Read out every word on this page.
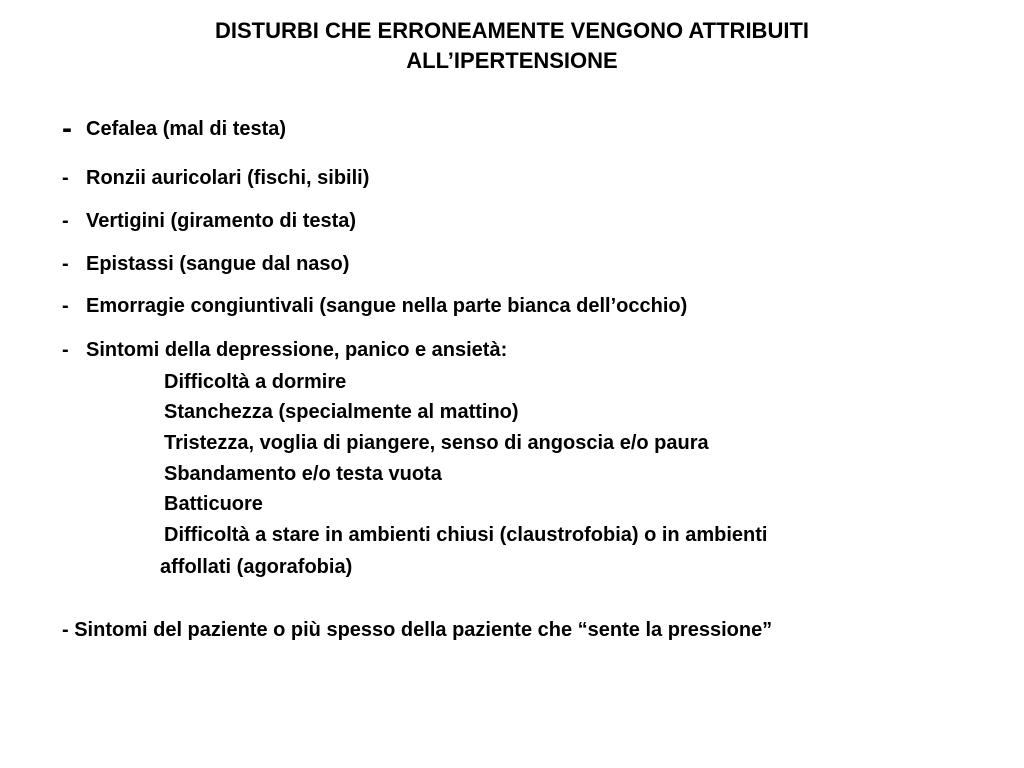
DISTURBI CHE ERRONEAMENTE VENGONO ATTRIBUITI
ALL’IPERTENSIONE
- Cefalea (mal di testa)
- Ronzii auricolari (fischi, sibili)
- Vertigini (giramento di testa)
- Epistassi (sangue dal naso)
- Emorragie congiuntivali (sangue nella parte bianca dell’occhio)
- Sintomi della depressione, panico e ansietà:
Difficoltà a dormire
Stanchezza (specialmente al mattino)
Tristezza, voglia di piangere, senso di angoscia e/o paura
Sbandamento e/o testa vuota
Batticuore
Difficoltà a stare in ambienti chiusi (claustrofobia) o in ambienti
affollati (agorafobia)
- Sintomi del paziente o più spesso della paziente che “sente la pressione”
